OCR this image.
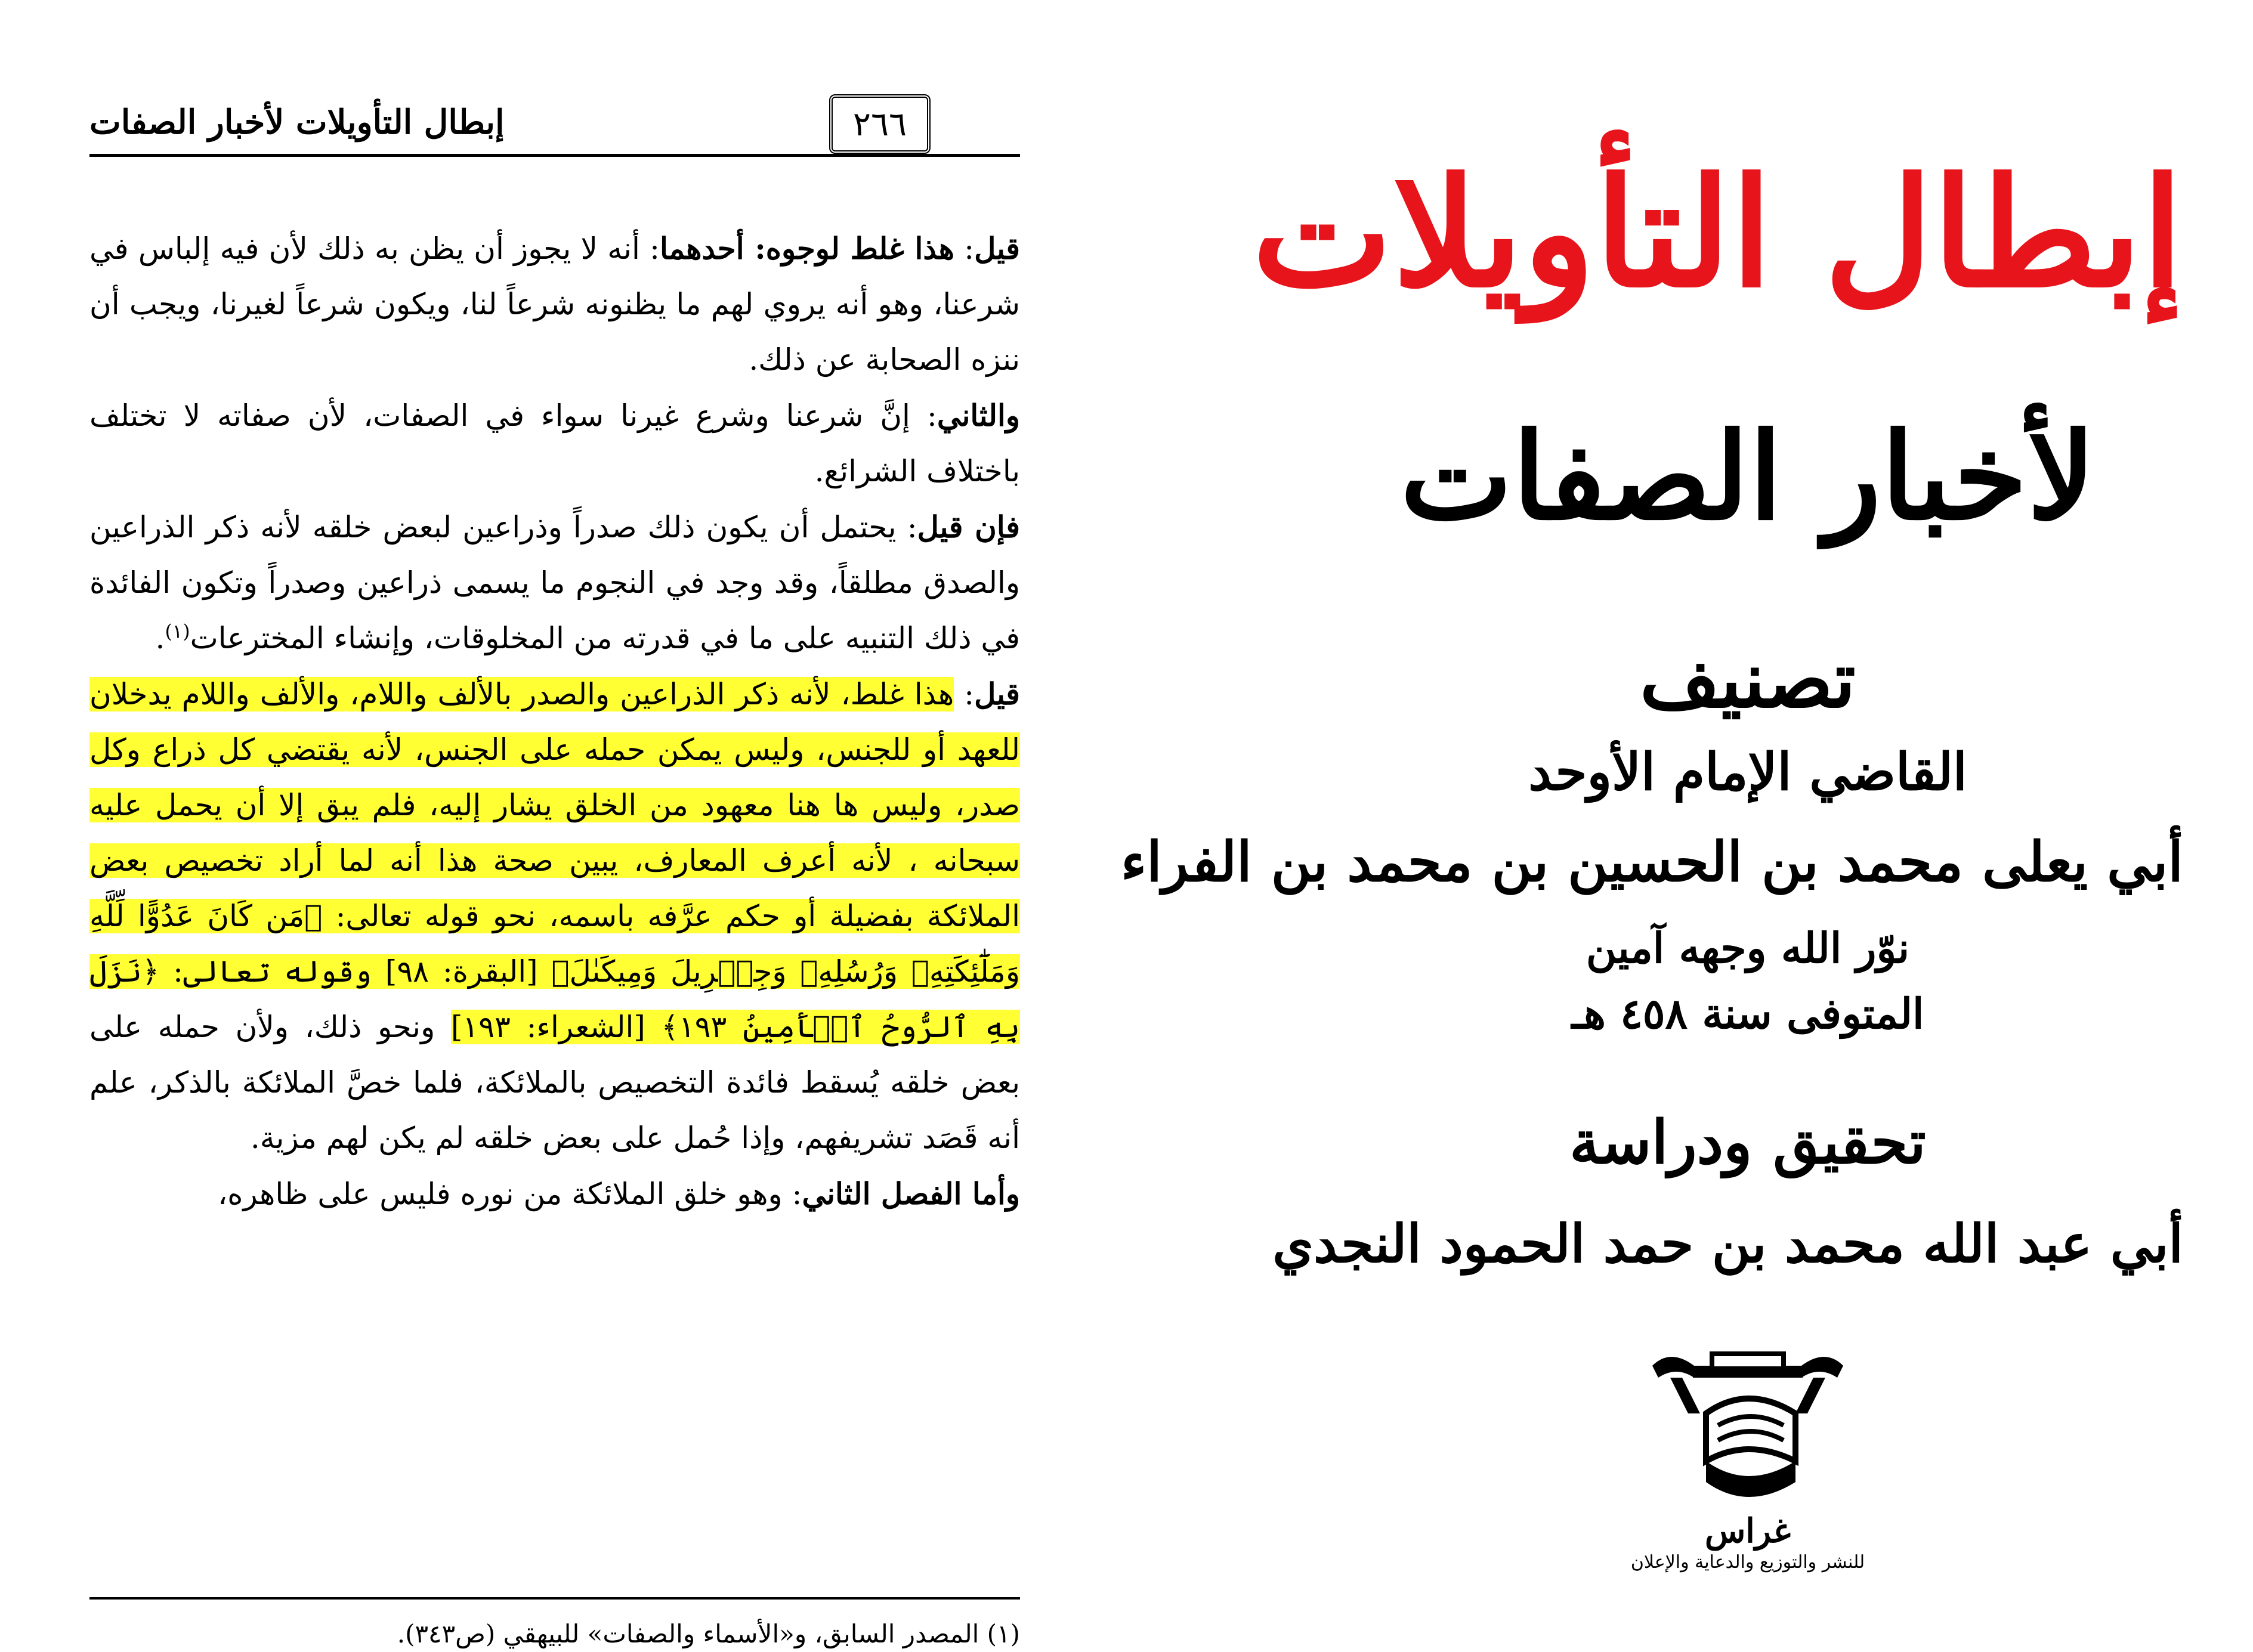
إبطال التأويلات لأخبار الصفات	٢٦٦

قيل: هذا غلط لوجوه: أحدهما: أنه لا يجوز أن يظن به ذلك لأن فيه إلباس في شرعنا، وهو أنه يروي لهم ما يظنونه شرعاً لنا، ويكون شرعاً لغيرنا، ويجب أن ننزه الصحابة عن ذلك.

والثاني: إنَّ شرعنا وشرع غيرنا سواء في الصفات، لأن صفاته لا تختلف باختلاف الشرائع.

فإن قيل: يحتمل أن يكون ذلك صدراً وذراعين لبعض خلقه لأنه ذكر الذراعين والصدق مطلقاً، وقد وجد في النجوم ما يسمى ذراعين وصدراً وتكون الفائدة في ذلك التنبيه على ما في قدرته من المخلوقات، وإنشاء المخترعات$^{(١)}$.

قيل: هذا غلط، لأنه ذكر الذراعين والصدر بالألف واللام، والألف واللام يدخلان للعهد أو للجنس، وليس يمكن حمله على الجنس، لأنه يقتضي كل ذراع وكل صدر، وليس ها هنا معهود من الخلق يشار إليه، فلم يبق إلا أن يحمل عليه سبحانه ، لأنه أعرف المعارف، يبين صحة هذا أنه لما أراد تخصيص بعض الملائكة بفضيلة أو حكم عرَّفه باسمه، نحو قوله تعالى: ﴿مَن كَانَ عَدُوًّا لِّلَّهِ وَمَلَٰٓئِكَتِهِۦ وَرُسُلِهِۦ وَجِبۡرِيلَ وَمِيكَىٰلَ﴾ [البقرة: ٩٨] وقوله تعالى: ﴿نَزَلَ بِهِ ٱلرُّوحُ ٱلۡأَمِينُ ١٩٣﴾ [الشعراء: ١٩٣] ونحو ذلك، ولأن حمله على بعض خلقه يُسقط فائدة التخصيص بالملائكة، فلما خصَّ الملائكة بالذكر، علم أنه قَصَد تشريفهم، وإذا حُمل على بعض خلقه لم يكن لهم مزية.

وأما الفصل الثاني: وهو خلق الملائكة من نوره فليس على ظاهره،

(١) المصدر السابق، و«الأسماء والصفات» للبيهقي (ص٣٤٣).
إبطال التأويلات
لأخبار الصفات
تصنيف
القاضي الإمام الأوحد
أبي يعلى محمد بن الحسين بن محمد بن الفراء
نوّر الله وجهه آمين
المتوفى سنة ٤٥٨ هـ
تحقيق ودراسة
أبي عبد الله محمد بن حمد الحمود النجدي
غراس
للنشر والتوزيع والدعاية والإعلان
